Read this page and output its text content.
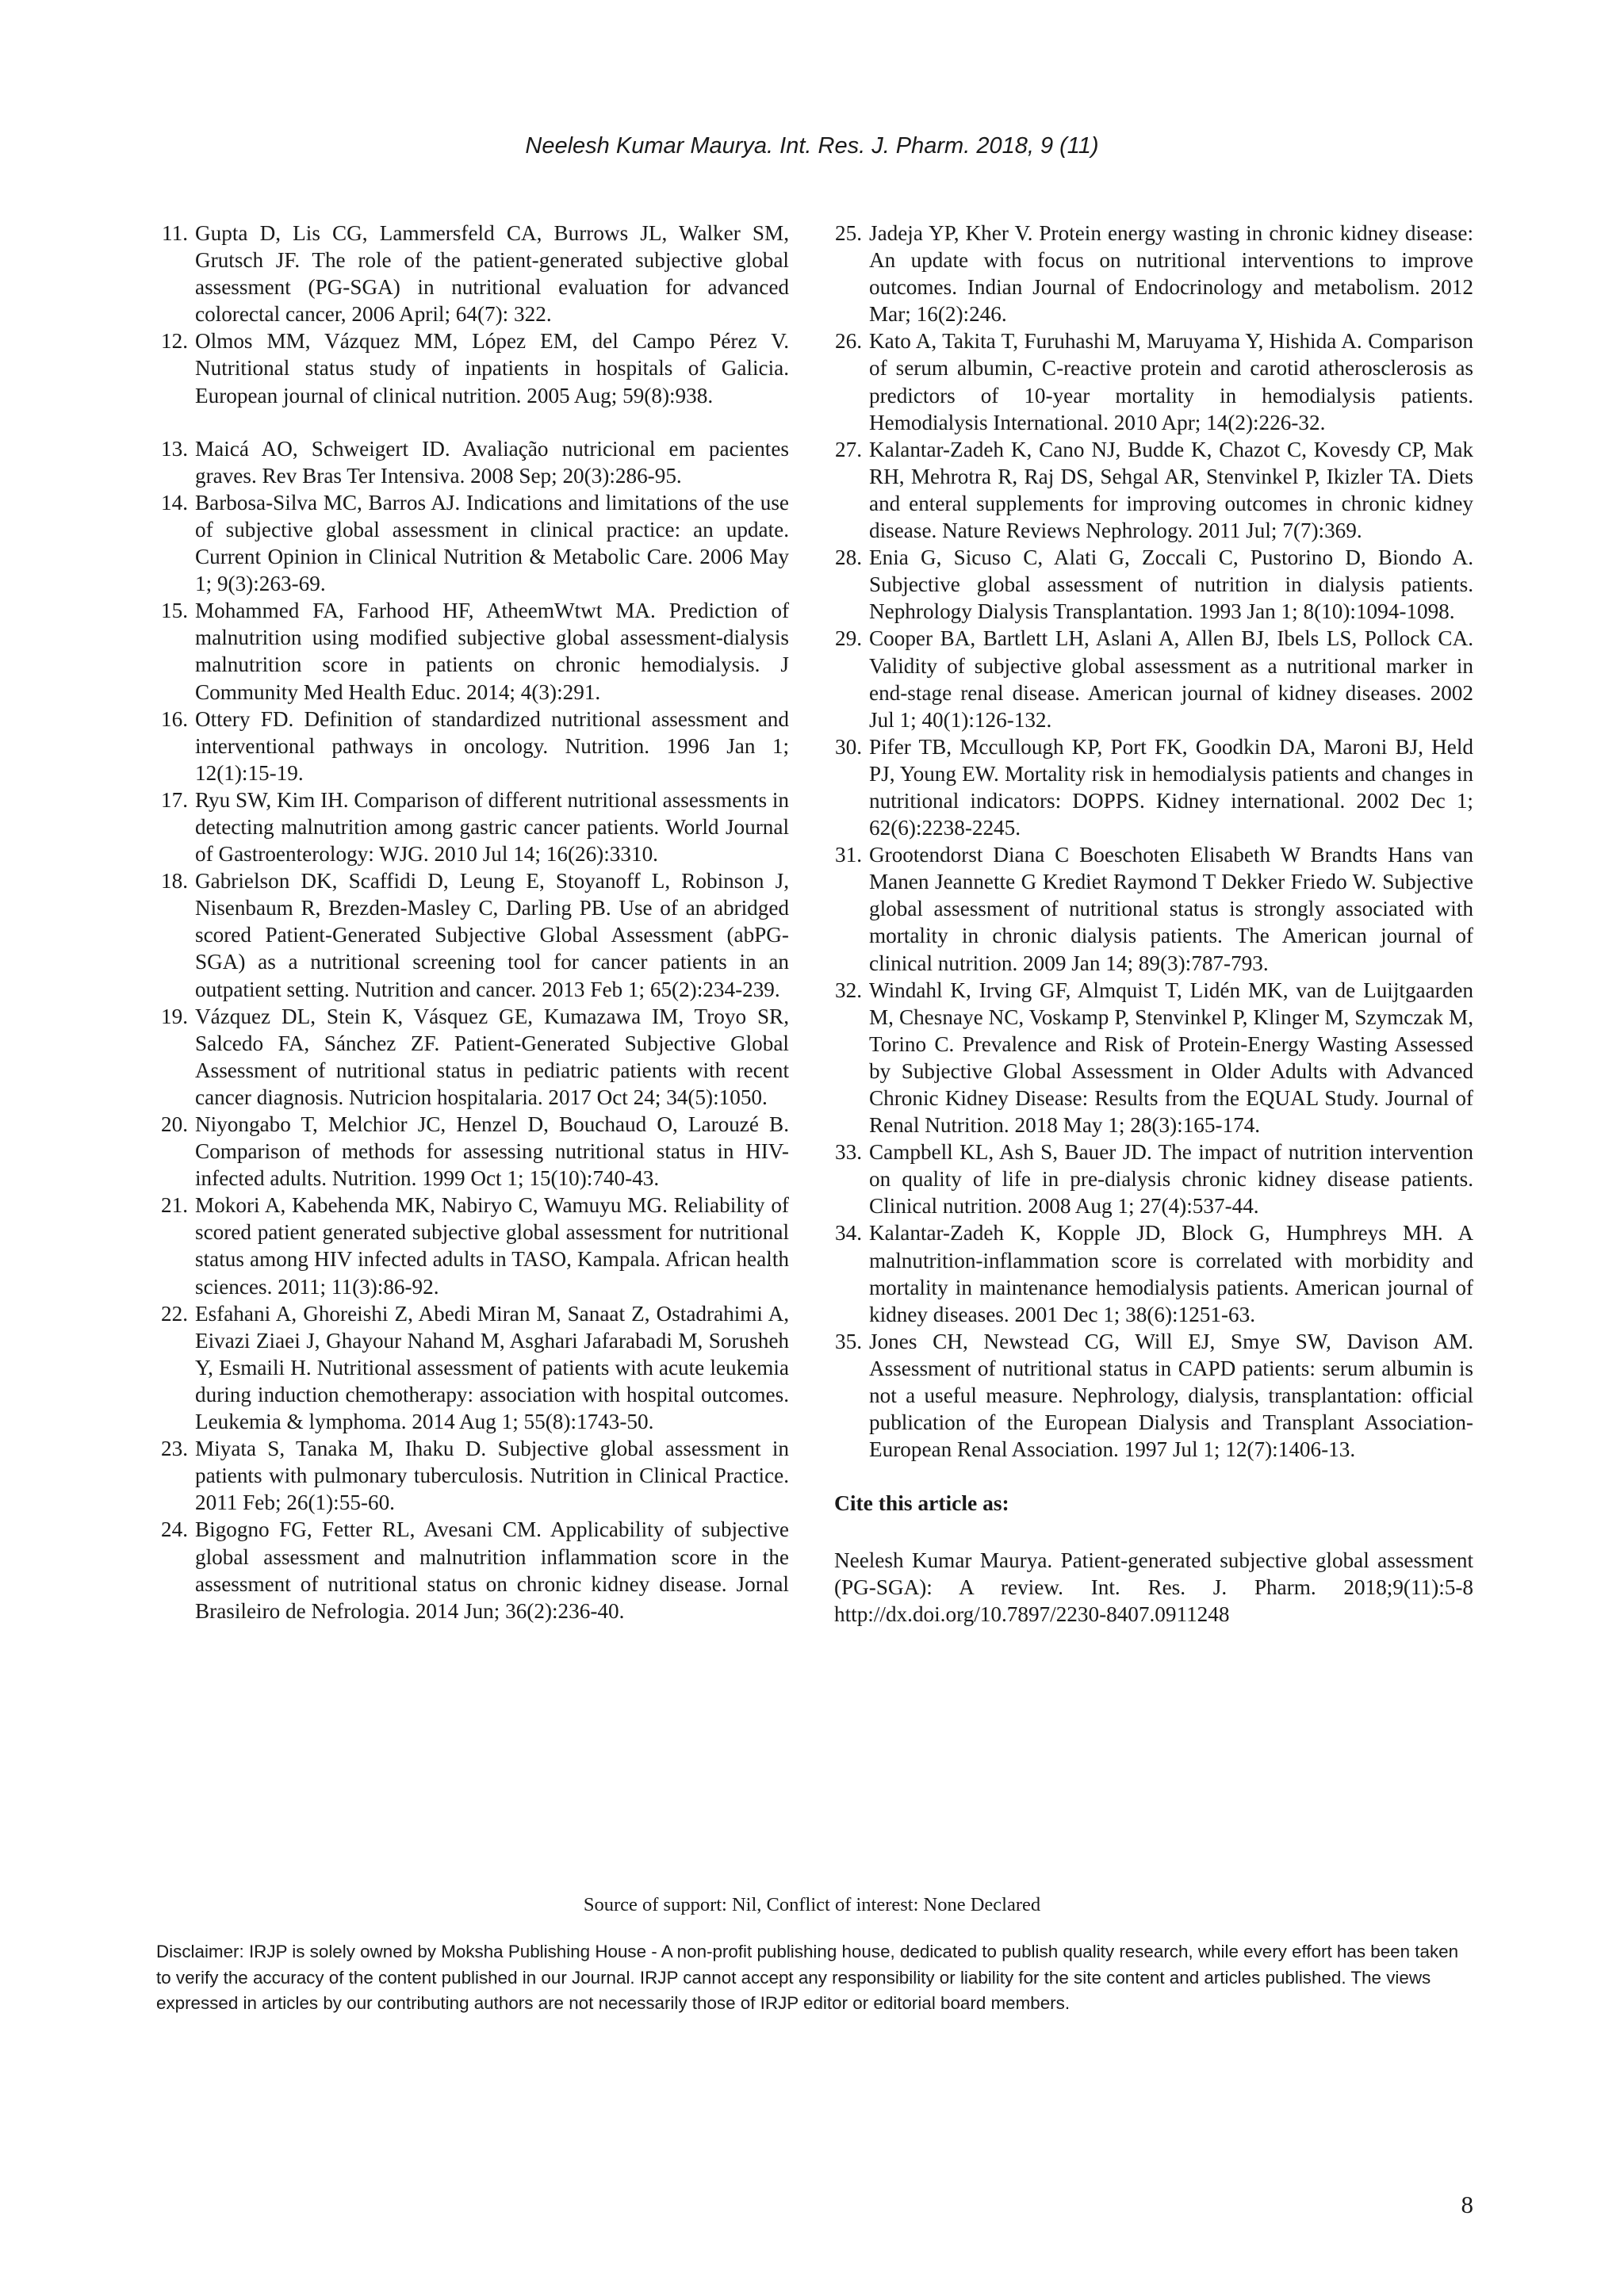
Neelesh Kumar Maurya. Int. Res. J. Pharm. 2018, 9 (11)
11. Gupta D, Lis CG, Lammersfeld CA, Burrows JL, Walker SM, Grutsch JF. The role of the patient-generated subjective global assessment (PG-SGA) in nutritional evaluation for advanced colorectal cancer, 2006 April; 64(7): 322.
12. Olmos MM, Vázquez MM, López EM, del Campo Pérez V. Nutritional status study of inpatients in hospitals of Galicia. European journal of clinical nutrition. 2005 Aug; 59(8):938.
13. Maicá AO, Schweigert ID. Avaliação nutricional em pacientes graves. Rev Bras Ter Intensiva. 2008 Sep; 20(3):286-95.
14. Barbosa-Silva MC, Barros AJ. Indications and limitations of the use of subjective global assessment in clinical practice: an update. Current Opinion in Clinical Nutrition & Metabolic Care. 2006 May 1; 9(3):263-69.
15. Mohammed FA, Farhood HF, AtheemWtwt MA. Prediction of malnutrition using modified subjective global assessment-dialysis malnutrition score in patients on chronic hemodialysis. J Community Med Health Educ. 2014; 4(3):291.
16. Ottery FD. Definition of standardized nutritional assessment and interventional pathways in oncology. Nutrition. 1996 Jan 1; 12(1):15-19.
17. Ryu SW, Kim IH. Comparison of different nutritional assessments in detecting malnutrition among gastric cancer patients. World Journal of Gastroenterology: WJG. 2010 Jul 14; 16(26):3310.
18. Gabrielson DK, Scaffidi D, Leung E, Stoyanoff L, Robinson J, Nisenbaum R, Brezden-Masley C, Darling PB. Use of an abridged scored Patient-Generated Subjective Global Assessment (abPG-SGA) as a nutritional screening tool for cancer patients in an outpatient setting. Nutrition and cancer. 2013 Feb 1; 65(2):234-239.
19. Vázquez DL, Stein K, Vásquez GE, Kumazawa IM, Troyo SR, Salcedo FA, Sánchez ZF. Patient-Generated Subjective Global Assessment of nutritional status in pediatric patients with recent cancer diagnosis. Nutricion hospitalaria. 2017 Oct 24; 34(5):1050.
20. Niyongabo T, Melchior JC, Henzel D, Bouchaud O, Larouzé B. Comparison of methods for assessing nutritional status in HIV-infected adults. Nutrition. 1999 Oct 1; 15(10):740-43.
21. Mokori A, Kabehenda MK, Nabiryo C, Wamuyu MG. Reliability of scored patient generated subjective global assessment for nutritional status among HIV infected adults in TASO, Kampala. African health sciences. 2011; 11(3):86-92.
22. Esfahani A, Ghoreishi Z, Abedi Miran M, Sanaat Z, Ostadrahimi A, Eivazi Ziaei J, Ghayour Nahand M, Asghari Jafarabadi M, Sorusheh Y, Esmaili H. Nutritional assessment of patients with acute leukemia during induction chemotherapy: association with hospital outcomes. Leukemia & lymphoma. 2014 Aug 1; 55(8):1743-50.
23. Miyata S, Tanaka M, Ihaku D. Subjective global assessment in patients with pulmonary tuberculosis. Nutrition in Clinical Practice. 2011 Feb; 26(1):55-60.
24. Bigogno FG, Fetter RL, Avesani CM. Applicability of subjective global assessment and malnutrition inflammation score in the assessment of nutritional status on chronic kidney disease. Jornal Brasileiro de Nefrologia. 2014 Jun; 36(2):236-40.
25. Jadeja YP, Kher V. Protein energy wasting in chronic kidney disease: An update with focus on nutritional interventions to improve outcomes. Indian Journal of Endocrinology and metabolism. 2012 Mar; 16(2):246.
26. Kato A, Takita T, Furuhashi M, Maruyama Y, Hishida A. Comparison of serum albumin, C-reactive protein and carotid atherosclerosis as predictors of 10-year mortality in hemodialysis patients. Hemodialysis International. 2010 Apr; 14(2):226-32.
27. Kalantar-Zadeh K, Cano NJ, Budde K, Chazot C, Kovesdy CP, Mak RH, Mehrotra R, Raj DS, Sehgal AR, Stenvinkel P, Ikizler TA. Diets and enteral supplements for improving outcomes in chronic kidney disease. Nature Reviews Nephrology. 2011 Jul; 7(7):369.
28. Enia G, Sicuso C, Alati G, Zoccali C, Pustorino D, Biondo A. Subjective global assessment of nutrition in dialysis patients. Nephrology Dialysis Transplantation. 1993 Jan 1; 8(10):1094-1098.
29. Cooper BA, Bartlett LH, Aslani A, Allen BJ, Ibels LS, Pollock CA. Validity of subjective global assessment as a nutritional marker in end-stage renal disease. American journal of kidney diseases. 2002 Jul 1; 40(1):126-132.
30. Pifer TB, Mccullough KP, Port FK, Goodkin DA, Maroni BJ, Held PJ, Young EW. Mortality risk in hemodialysis patients and changes in nutritional indicators: DOPPS. Kidney international. 2002 Dec 1; 62(6):2238-2245.
31. Grootendorst Diana C Boeschoten Elisabeth W Brandts Hans van Manen Jeannette G Krediet Raymond T Dekker Friedo W. Subjective global assessment of nutritional status is strongly associated with mortality in chronic dialysis patients. The American journal of clinical nutrition. 2009 Jan 14; 89(3):787-793.
32. Windahl K, Irving GF, Almquist T, Lidén MK, van de Luijtgaarden M, Chesnaye NC, Voskamp P, Stenvinkel P, Klinger M, Szymczak M, Torino C. Prevalence and Risk of Protein-Energy Wasting Assessed by Subjective Global Assessment in Older Adults with Advanced Chronic Kidney Disease: Results from the EQUAL Study. Journal of Renal Nutrition. 2018 May 1; 28(3):165-174.
33. Campbell KL, Ash S, Bauer JD. The impact of nutrition intervention on quality of life in pre-dialysis chronic kidney disease patients. Clinical nutrition. 2008 Aug 1; 27(4):537-44.
34. Kalantar-Zadeh K, Kopple JD, Block G, Humphreys MH. A malnutrition-inflammation score is correlated with morbidity and mortality in maintenance hemodialysis patients. American journal of kidney diseases. 2001 Dec 1; 38(6):1251-63.
35. Jones CH, Newstead CG, Will EJ, Smye SW, Davison AM. Assessment of nutritional status in CAPD patients: serum albumin is not a useful measure. Nephrology, dialysis, transplantation: official publication of the European Dialysis and Transplant Association-European Renal Association. 1997 Jul 1; 12(7):1406-13.
Cite this article as:
Neelesh Kumar Maurya. Patient-generated subjective global assessment (PG-SGA): A review. Int. Res. J. Pharm. 2018;9(11):5-8 http://dx.doi.org/10.7897/2230-8407.0911248
Source of support: Nil, Conflict of interest: None Declared
Disclaimer: IRJP is solely owned by Moksha Publishing House - A non-profit publishing house, dedicated to publish quality research, while every effort has been taken to verify the accuracy of the content published in our Journal. IRJP cannot accept any responsibility or liability for the site content and articles published. The views expressed in articles by our contributing authors are not necessarily those of IRJP editor or editorial board members.
8
